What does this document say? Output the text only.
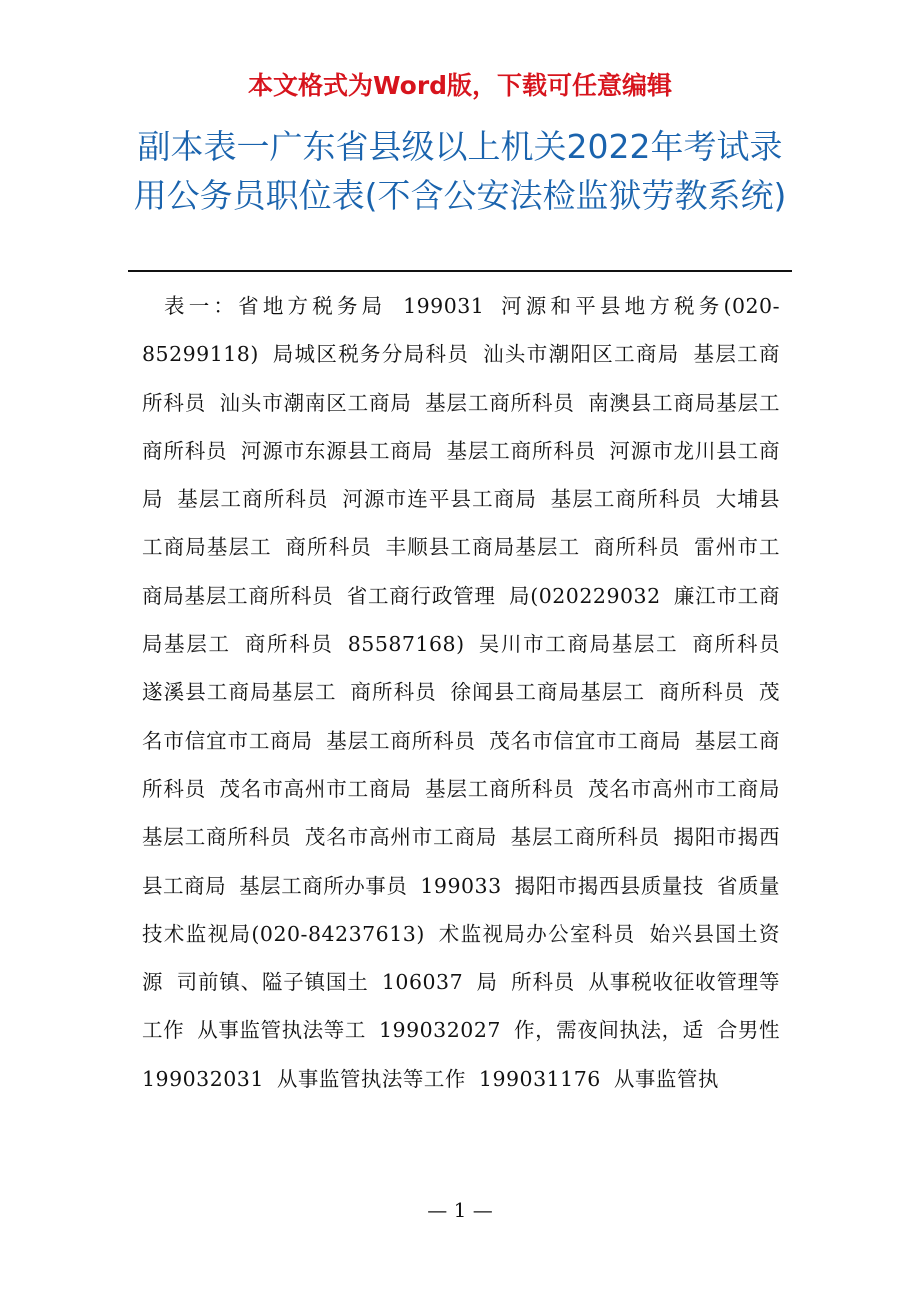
本文格式为Word版，下载可任意编辑
副本表一广东省县级以上机关2022年考试录用公务员职位表(不含公安法检监狱劳教系统)

表一：省地方税务局 199031 河源和平县地方税务(020-85299118) 局城区税务分局科员 汕头市潮阳区工商局 基层工商所科员 汕头市潮南区工商局 基层工商所科员 南澳县工商局基层工 商所科员 河源市东源县工商局 基层工商所科员 河源市龙川县工商局 基层工商所科员 河源市连平县工商局 基层工商所科员 大埔县工商局基层工 商所科员 丰顺县工商局基层工 商所科员 雷州市工商局基层工商所科员 省工商行政管理 局(020229032 廉江市工商局基层工 商所科员 85587168) 吴川市工商局基层工 商所科员 遂溪县工商局基层工 商所科员 徐闻县工商局基层工 商所科员 茂名市信宜市工商局 基层工商所科员 茂名市信宜市工商局 基层工商所科员 茂名市高州市工商局 基层工商所科员 茂名市高州市工商局 基层工商所科员 茂名市高州市工商局 基层工商所科员 揭阳市揭西县工商局 基层工商所办事员 199033 揭阳市揭西县质量技 省质量技术监视局(020-84237613) 术监视局办公室科员 始兴县国土资源 司前镇、隘子镇国土 106037 局 所科员 从事税收征收管理等 工作 从事监管执法等工 199032027 作，需夜间执法，适 合男性 199032031 从事监管执法等工作 199031176 从事监管执

— 1 —
